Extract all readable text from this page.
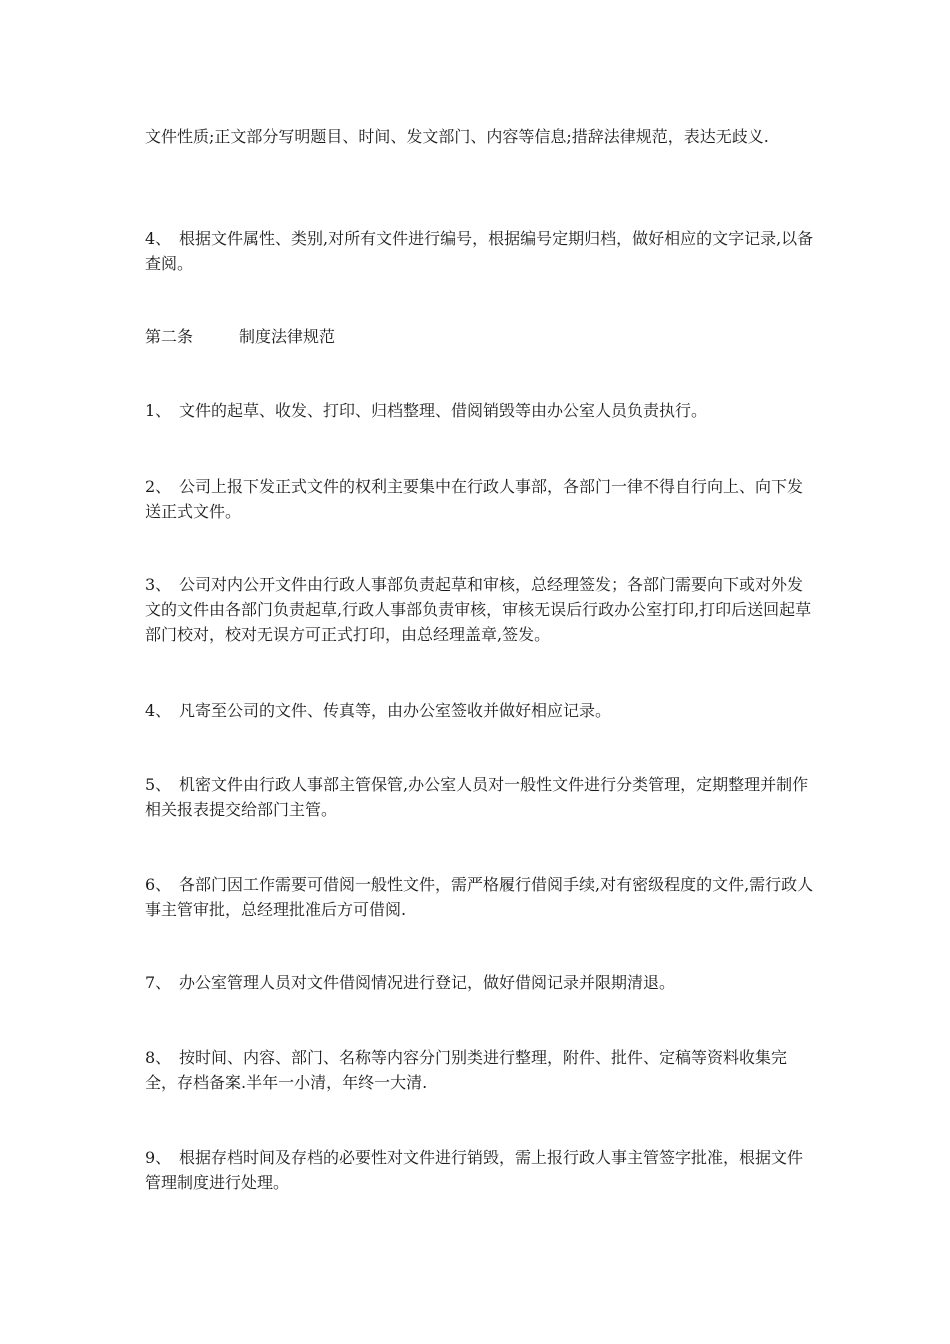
文件性质;正文部分写明题目、时间、发文部门、内容等信息;措辞法律规范，表达无歧义.

4、 根据文件属性、类别,对所有文件进行编号，根据编号定期归档，做好相应的文字记录,以备查阅。

第二条	制度法律规范

1、 文件的起草、收发、打印、归档整理、借阅销毁等由办公室人员负责执行。

2、 公司上报下发正式文件的权利主要集中在行政人事部，各部门一律不得自行向上、向下发送正式文件。

3、 公司对内公开文件由行政人事部负责起草和审核，总经理签发；各部门需要向下或对外发文的文件由各部门负责起草,行政人事部负责审核，审核无误后行政办公室打印,打印后送回起草部门校对，校对无误方可正式打印，由总经理盖章,签发。

4、 凡寄至公司的文件、传真等，由办公室签收并做好相应记录。

5、 机密文件由行政人事部主管保管,办公室人员对一般性文件进行分类管理，定期整理并制作相关报表提交给部门主管。

6、 各部门因工作需要可借阅一般性文件，需严格履行借阅手续,对有密级程度的文件,需行政人事主管审批，总经理批准后方可借阅.

7、 办公室管理人员对文件借阅情况进行登记，做好借阅记录并限期清退。

8、 按时间、内容、部门、名称等内容分门别类进行整理，附件、批件、定稿等资料收集完全，存档备案.半年一小清，年终一大清.

9、 根据存档时间及存档的必要性对文件进行销毁，需上报行政人事主管签字批准，根据文件管理制度进行处理。
